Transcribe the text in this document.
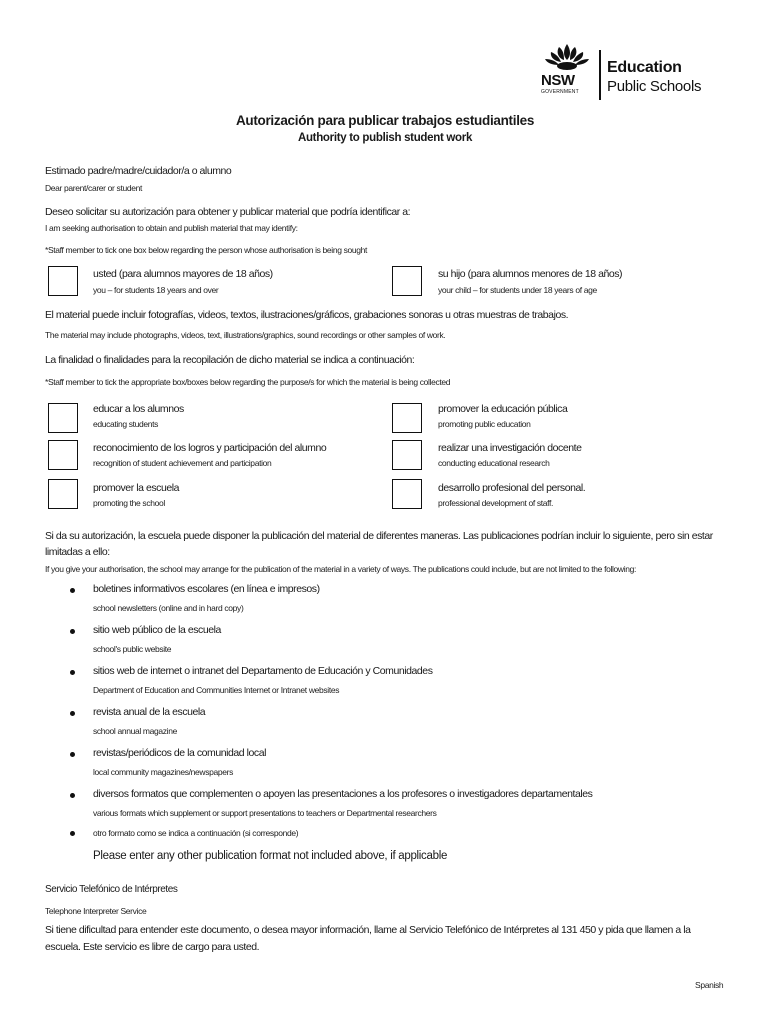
NSW
GOVERNMENT
Education
Public Schools
Autorización para publicar trabajos estudiantiles
Authority to publish student work
Estimado padre/madre/cuidador/a o alumno
Dear parent/carer or student
Deseo solicitar su autorización para obtener y publicar material que podría identificar a:
I am seeking authorisation to obtain and publish material that may identify:
*Staff member to tick one box below regarding the person whose authorisation is being sought
usted (para alumnos mayores de 18 años)
you – for students 18 years and over
su hijo (para alumnos menores de 18 años)
your child – for students under 18 years of age
El material puede incluir fotografías, videos, textos, ilustraciones/gráficos, grabaciones sonoras u otras muestras de trabajos.
The material may include photographs, videos, text, illustrations/graphics, sound recordings or other samples of work.
La finalidad o finalidades para la recopilación de dicho material se indica a continuación:
*Staff member to tick the appropriate box/boxes below regarding the purpose/s for which the material is being collected
educar a los alumnos
educating students
promover la educación pública
promoting public education
reconocimiento de los logros y participación del alumno
recognition of student achievement and participation
realizar una investigación docente
conducting educational research
promover la escuela
promoting the school
desarrollo profesional del personal.
professional development of staff.
Si da su autorización, la escuela puede disponer la publicación del material de diferentes maneras. Las publicaciones podrían incluir lo siguiente, pero sin estar limitadas a ello:
If you give your authorisation, the school may arrange for the publication of the material in a variety of ways. The publications could include, but are not limited to the following:
boletines informativos escolares (en línea e impresos)
school newsletters (online and in hard copy)
sitio web público de la escuela
school's public website
sitios web de internet o intranet del Departamento de Educación y Comunidades
Department of Education and Communities Internet or Intranet websites
revista anual de la escuela
school annual magazine
revistas/periódicos de la comunidad local
local community magazines/newspapers
diversos formatos que complementen o apoyen las presentaciones a los profesores o investigadores departamentales
various formats which supplement or support presentations to teachers or Departmental researchers
otro formato como se indica a continuación (si corresponde)
Please enter any other publication format not included above, if applicable
Servicio Telefónico de Intérpretes
Telephone Interpreter Service
Si tiene dificultad para entender este documento, o desea mayor información, llame al Servicio Telefónico de Intérpretes al 131 450 y pida que llamen a la escuela. Este servicio es libre de cargo para usted.
Spanish
